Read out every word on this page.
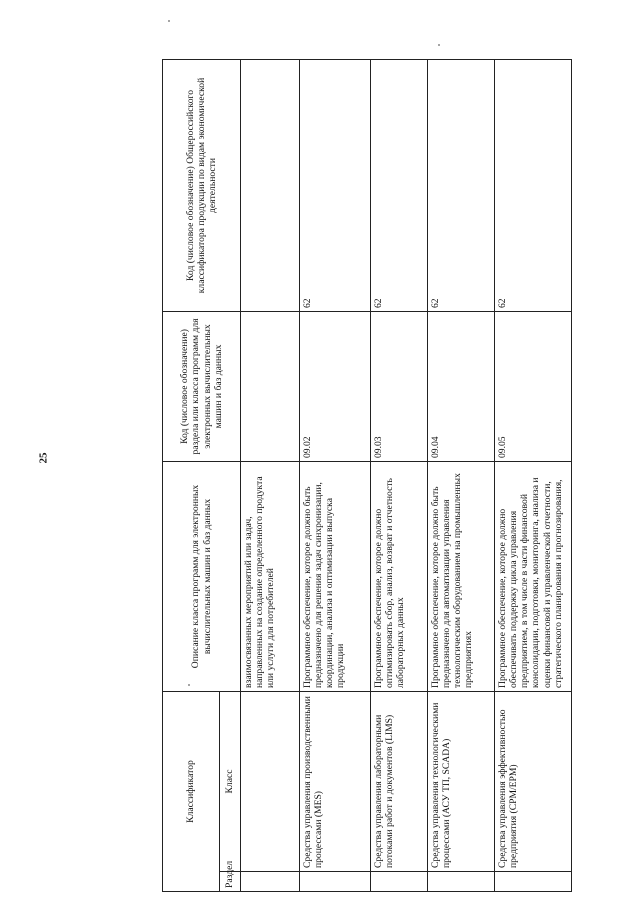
25
Классификатор		Описание класса программ для электронных вычислительных машин и баз данных	Код (числовое обозначение) раздела или класса программ для электронных вычислительных машин и баз данных	Код (числовое обозначение) Общероссийского классификатора продукции по видам экономической деятельности
Раздел	Класс			
		взаимосвязанных мероприятий или задач, направленных на создание определенного продукта или услуги для потребителей		
	Средства управления производственными процессами (MES)	Программное обеспечение, которое должно быть предназначено для решения задач синхронизации, координации, анализа и оптимизации выпуска продукции	09.02	62
	Средства управления лабораторными потоками работ и документов (LIMS)	Программное обеспечение, которое должно оптимизировать сбор, анализ, возврат и отчетность лабораторных данных	09.03	62
	Средства управления технологическими процессами (АСУ ТП, SCADA)	Программное обеспечение, которое должно быть предназначено для автоматизации управления технологическим оборудованием на промышленных предприятиях	09.04	62
	Средства управления эффективностью предприятия (CPM/EPM)	Программное обеспечение, которое должно обеспечивать поддержку цикла управления предприятием, в том числе в части финансовой консолидации, подготовки, мониторинга, анализа и оценки финансовой и управленческой отчетности, стратегического планирования и прогнозирования,	09.05	62
